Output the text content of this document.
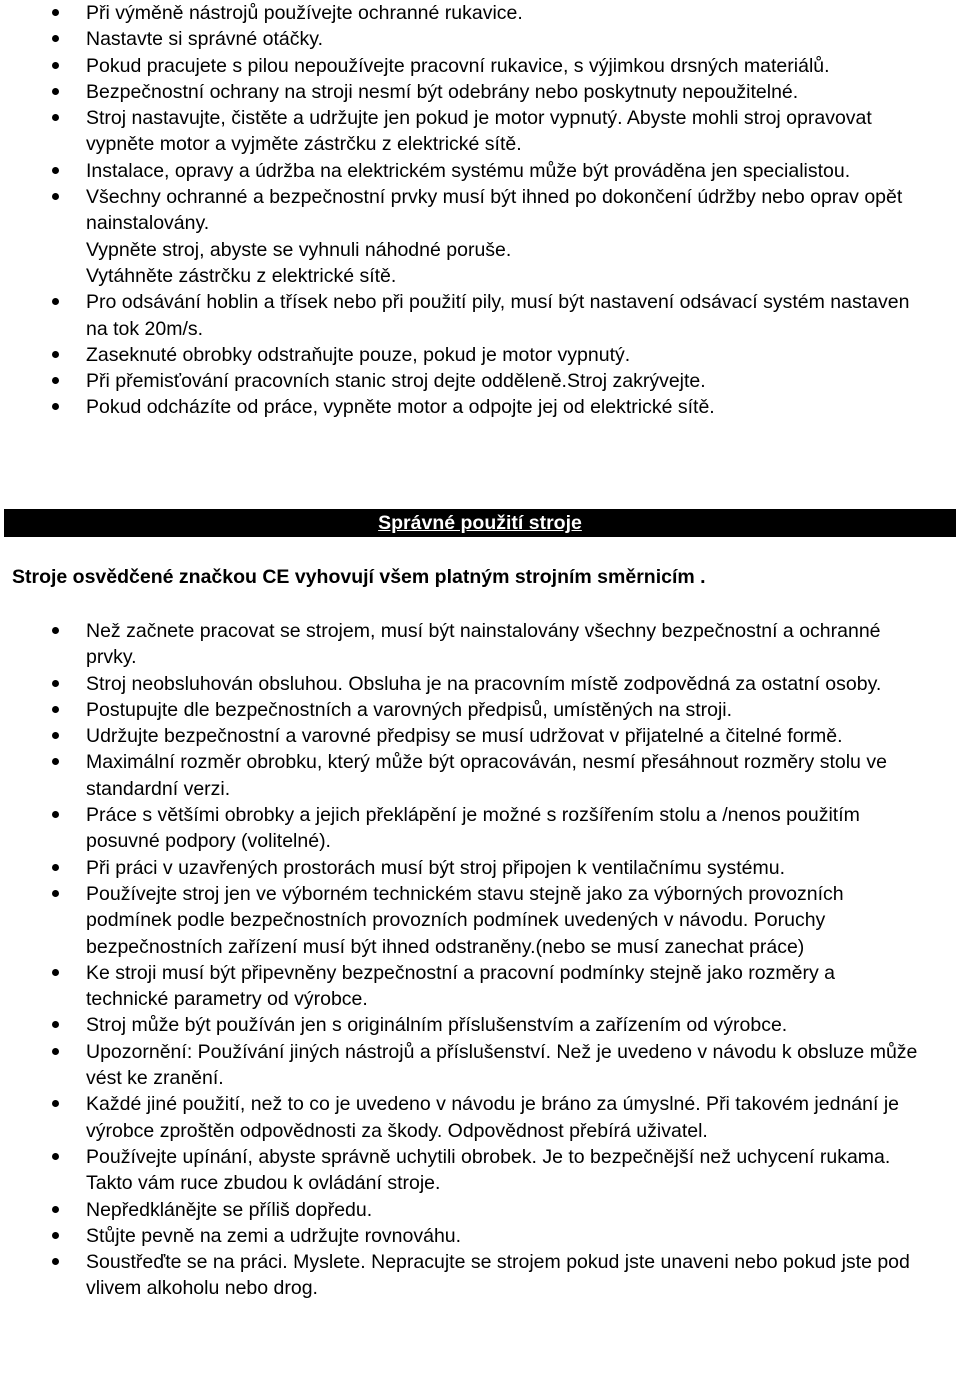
Při výměně nástrojů používejte ochranné rukavice.
Nastavte si správné otáčky.
Pokud pracujete s pilou nepoužívejte pracovní rukavice, s výjimkou drsných materiálů.
Bezpečnostní ochrany na stroji nesmí být odebrány nebo poskytnuty nepoužitelné.
Stroj nastavujte, čistěte a udržujte jen pokud je motor vypnutý. Abyste mohli stroj opravovat vypněte motor a vyjměte zástrčku z elektrické sítě.
Instalace, opravy a údržba na elektrickém systému může být prováděna jen specialistou.
Všechny ochranné a bezpečnostní prvky musí být ihned po dokončení údržby nebo oprav opět nainstalovány.
Vypněte stroj, abyste se vyhnuli náhodné poruše.
Vytáhněte zástrčku z elektrické sítě.
Pro odsávání hoblin a třísek nebo při použití pily, musí být nastavení odsávací systém nastaven na tok 20m/s.
Zaseknuté obrobky odstraňujte pouze, pokud je motor vypnutý.
Při přemisťování pracovních stanic stroj dejte odděleně.Stroj zakrývejte.
Pokud odcházíte od práce, vypněte motor a odpojte jej od elektrické sítě.
Správné použití stroje

Stroje osvědčené značkou CE vyhovují všem platným strojním směrnicím .

Než začnete pracovat se strojem, musí být nainstalovány všechny bezpečnostní a ochranné prvky.
Stroj neobsluhován obsluhou. Obsluha je na pracovním místě zodpovědná za ostatní osoby.
Postupujte dle bezpečnostních a varovných předpisů, umístěných na stroji.
Udržujte bezpečnostní a varovné předpisy se musí udržovat v přijatelné a čitelné formě.
Maximální rozměr obrobku, který může být opracováván, nesmí přesáhnout rozměry stolu ve standardní verzi.
Práce s většími obrobky a jejich překlápění je možné s rozšířením stolu a /nenos použitím posuvné podpory (volitelné).
Při práci v uzavřených prostorách musí být stroj připojen k ventilačnímu systému.
Používejte stroj jen ve výborném technickém stavu stejně jako za výborných provozních podmínek podle bezpečnostních provozních podmínek uvedených v návodu. Poruchy bezpečnostních zařízení musí být ihned odstraněny.(nebo se musí zanechat práce)
Ke stroji musí být připevněny bezpečnostní a pracovní podmínky stejně jako rozměry a technické parametry od výrobce.
Stroj může být používán jen s originálním příslušenstvím a zařízením od výrobce.
Upozornění: Používání jiných nástrojů a příslušenství. Než je uvedeno v návodu k obsluze může vést ke zranění.
Každé jiné použití, než to co je uvedeno v návodu je bráno za úmyslné. Při takovém jednání je výrobce zproštěn odpovědnosti za škody. Odpovědnost přebírá uživatel.
Používejte upínání, abyste správně uchytili obrobek. Je to bezpečnější než uchycení rukama. Takto vám ruce zbudou k ovládání stroje.
Nepředklánějte se příliš dopředu.
Stůjte pevně na zemi a udržujte rovnováhu.
Soustřeďte se na práci. Myslete. Nepracujte se strojem pokud jste unaveni nebo pokud jste pod vlivem alkoholu nebo drog.
